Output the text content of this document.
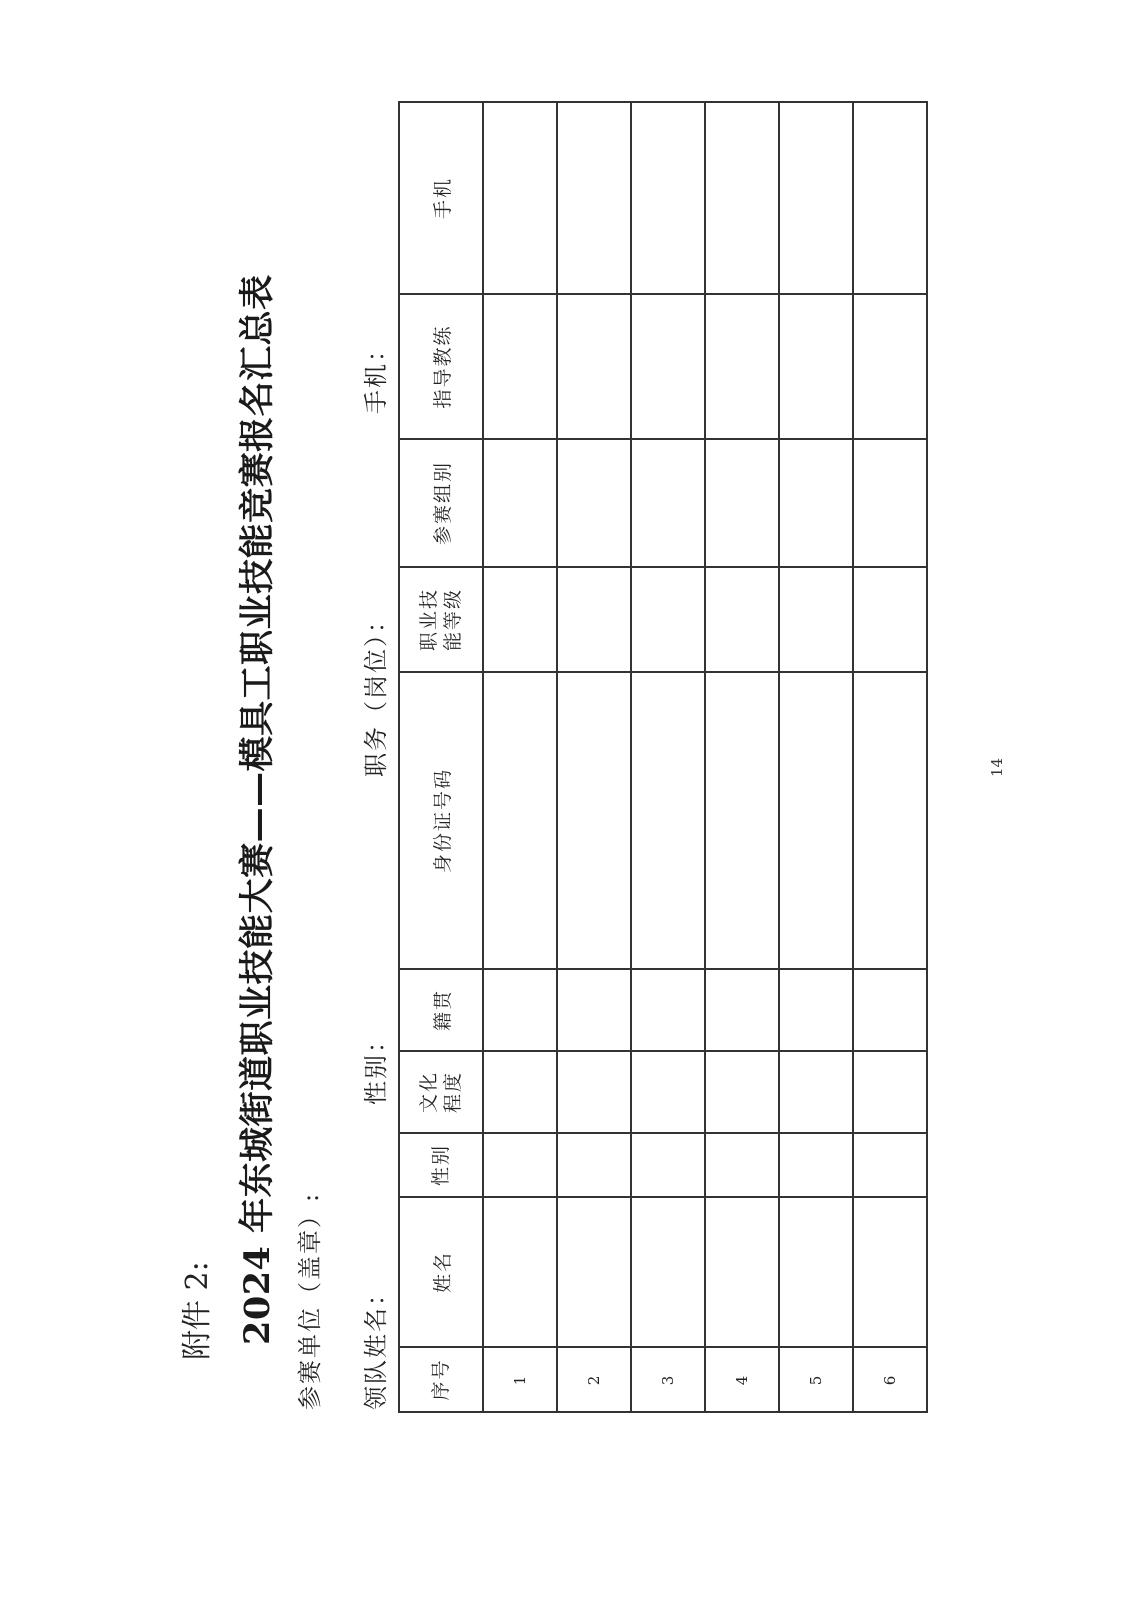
附件 2: 2024 年东城街道职业技能大赛——模具工职业技能竞赛报名汇总表 参赛单位（盖章）: 领队姓名：
性别：
职务（岗位）：
手机：
序号	姓名	性别	文化程度	籍贯	身份证号码	职业技能等级	参赛组别	指导教练	手机
1									
2									
3									
4									
5									
6									
14
